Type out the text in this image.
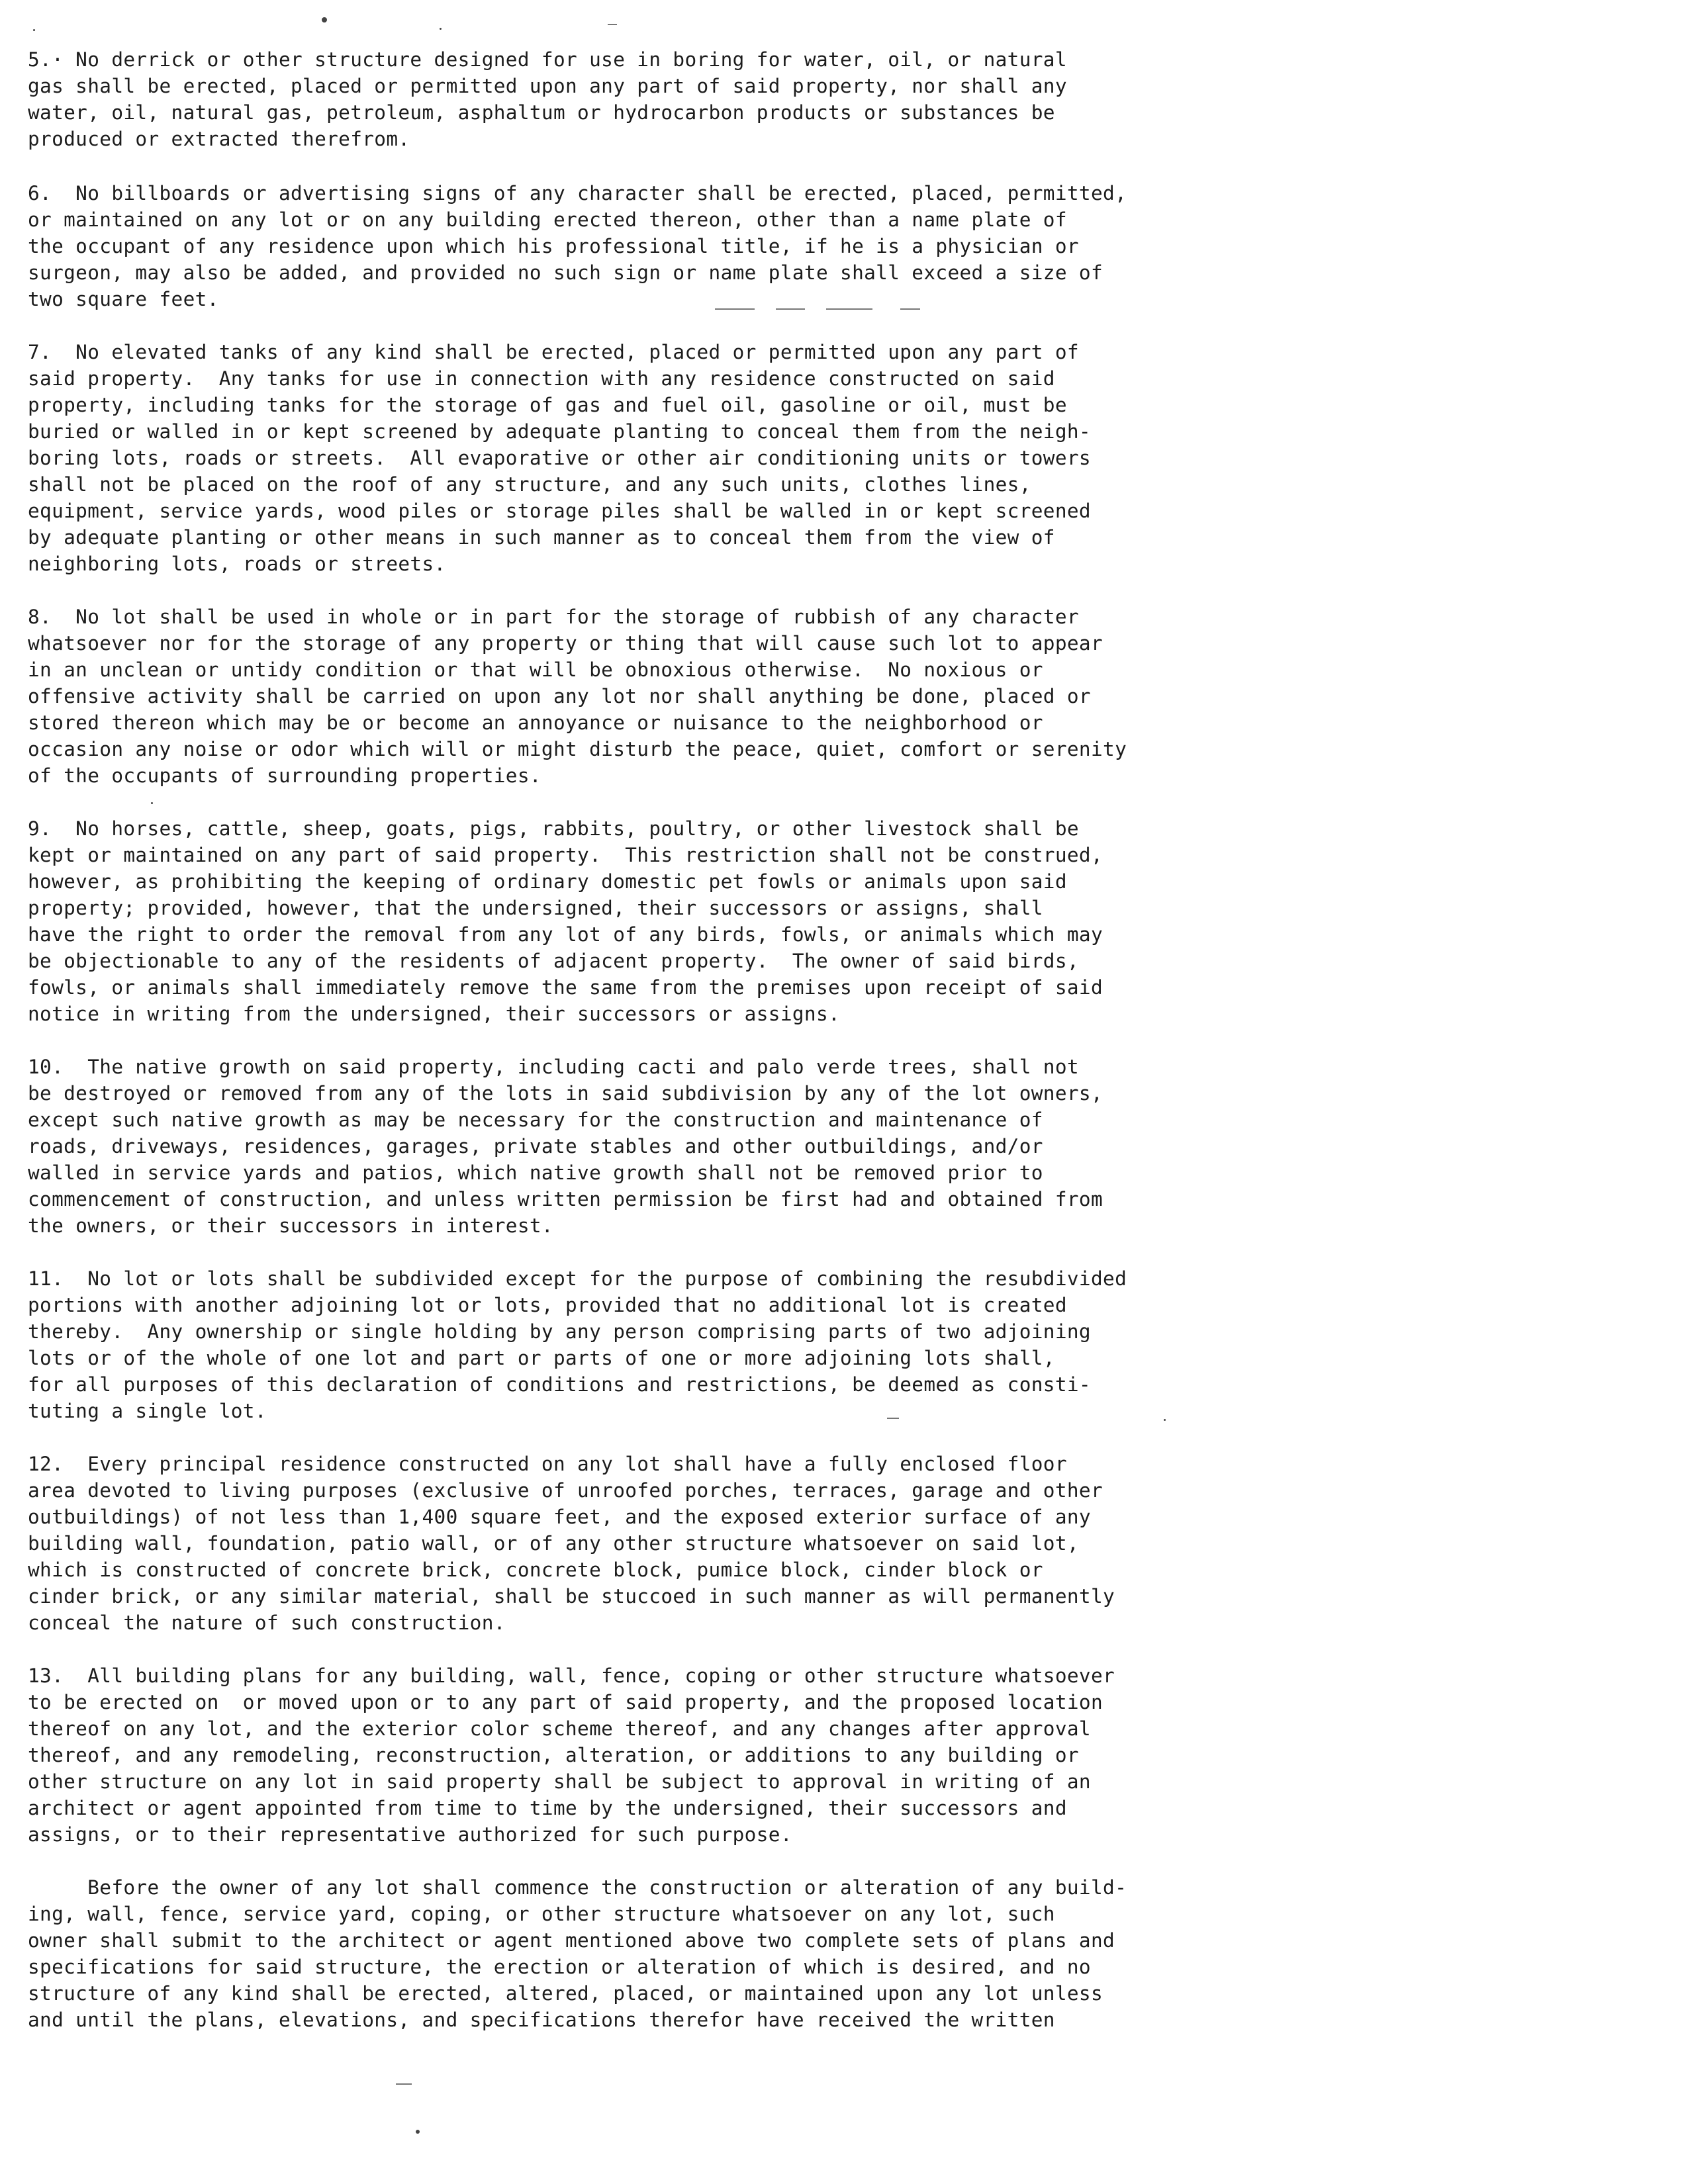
5.· No derrick or other structure designed for use in boring for water, oil, or natural
gas shall be erected, placed or permitted upon any part of said property, nor shall any
water, oil, natural gas, petroleum, asphaltum or hydrocarbon products or substances be
produced or extracted therefrom.

6.  No billboards or advertising signs of any character shall be erected, placed, permitted,
or maintained on any lot or on any building erected thereon, other than a name plate of
the occupant of any residence upon which his professional title, if he is a physician or
surgeon, may also be added, and provided no such sign or name plate shall exceed a size of
two square feet.

7.  No elevated tanks of any kind shall be erected, placed or permitted upon any part of
said property.  Any tanks for use in connection with any residence constructed on said
property, including tanks for the storage of gas and fuel oil, gasoline or oil, must be
buried or walled in or kept screened by adequate planting to conceal them from the neigh-
boring lots, roads or streets.  All evaporative or other air conditioning units or towers
shall not be placed on the roof of any structure, and any such units, clothes lines,
equipment, service yards, wood piles or storage piles shall be walled in or kept screened
by adequate planting or other means in such manner as to conceal them from the view of
neighboring lots, roads or streets.

8.  No lot shall be used in whole or in part for the storage of rubbish of any character
whatsoever nor for the storage of any property or thing that will cause such lot to appear
in an unclean or untidy condition or that will be obnoxious otherwise.  No noxious or
offensive activity shall be carried on upon any lot nor shall anything be done, placed or
stored thereon which may be or become an annoyance or nuisance to the neighborhood or
occasion any noise or odor which will or might disturb the peace, quiet, comfort or serenity
of the occupants of surrounding properties.

9.  No horses, cattle, sheep, goats, pigs, rabbits, poultry, or other livestock shall be
kept or maintained on any part of said property.  This restriction shall not be construed,
however, as prohibiting the keeping of ordinary domestic pet fowls or animals upon said
property; provided, however, that the undersigned, their successors or assigns, shall
have the right to order the removal from any lot of any birds, fowls, or animals which may
be objectionable to any of the residents of adjacent property.  The owner of said birds,
fowls, or animals shall immediately remove the same from the premises upon receipt of said
notice in writing from the undersigned, their successors or assigns.

10.  The native growth on said property, including cacti and palo verde trees, shall not
be destroyed or removed from any of the lots in said subdivision by any of the lot owners,
except such native growth as may be necessary for the construction and maintenance of
roads, driveways, residences, garages, private stables and other outbuildings, and/or
walled in service yards and patios, which native growth shall not be removed prior to
commencement of construction, and unless written permission be first had and obtained from
the owners, or their successors in interest.

11.  No lot or lots shall be subdivided except for the purpose of combining the resubdivided
portions with another adjoining lot or lots, provided that no additional lot is created
thereby.  Any ownership or single holding by any person comprising parts of two adjoining
lots or of the whole of one lot and part or parts of one or more adjoining lots shall,
for all purposes of this declaration of conditions and restrictions, be deemed as consti-
tuting a single lot.

12.  Every principal residence constructed on any lot shall have a fully enclosed floor
area devoted to living purposes (exclusive of unroofed porches, terraces, garage and other
outbuildings) of not less than 1,400 square feet, and the exposed exterior surface of any
building wall, foundation, patio wall, or of any other structure whatsoever on said lot,
which is constructed of concrete brick, concrete block, pumice block, cinder block or
cinder brick, or any similar material, shall be stuccoed in such manner as will permanently
conceal the nature of such construction.

13.  All building plans for any building, wall, fence, coping or other structure whatsoever
to be erected on  or moved upon or to any part of said property, and the proposed location
thereof on any lot, and the exterior color scheme thereof, and any changes after approval
thereof, and any remodeling, reconstruction, alteration, or additions to any building or
other structure on any lot in said property shall be subject to approval in writing of an
architect or agent appointed from time to time by the undersigned, their successors and
assigns, or to their representative authorized for such purpose.

Before the owner of any lot shall commence the construction or alteration of any build-
ing, wall, fence, service yard, coping, or other structure whatsoever on any lot, such
owner shall submit to the architect or agent mentioned above two complete sets of plans and
specifications for said structure, the erection or alteration of which is desired, and no
structure of any kind shall be erected, altered, placed, or maintained upon any lot unless
and until the plans, elevations, and specifications therefor have received the written
